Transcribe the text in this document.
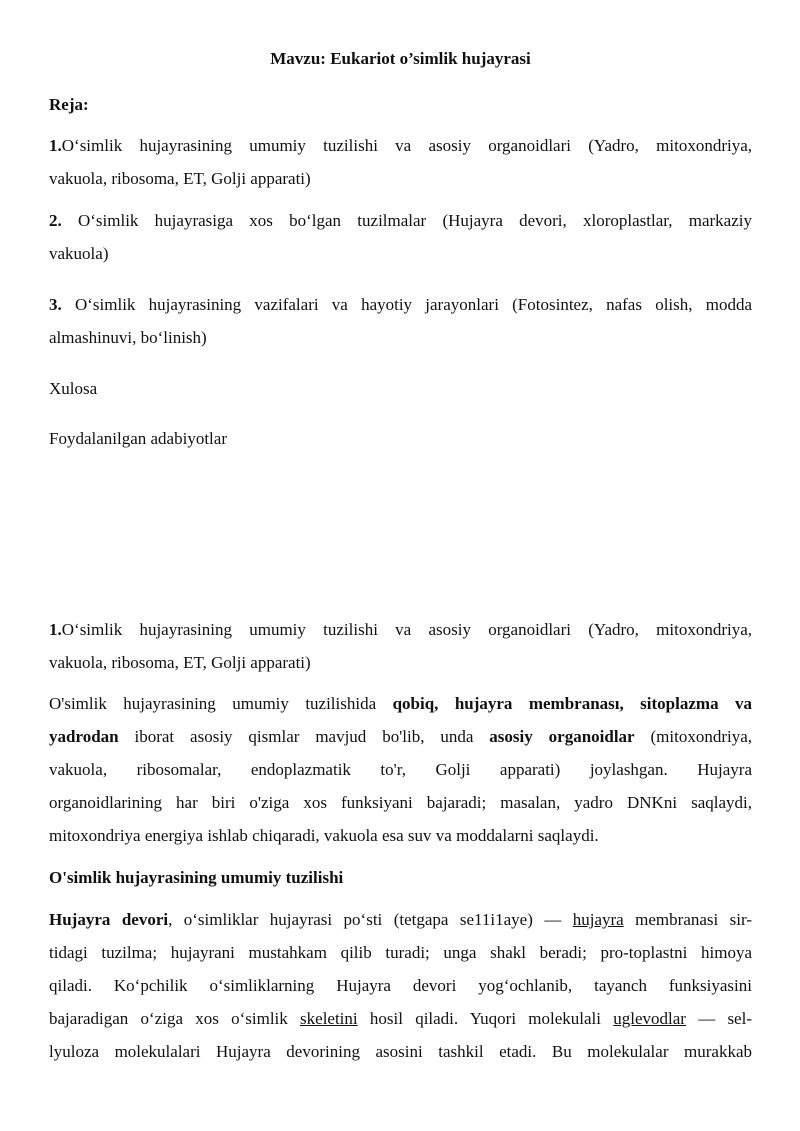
Mavzu: Eukariot o’simlik hujayrasi
Reja:
1.O‘simlik hujayrasining umumiy tuzilishi va asosiy organoidlari (Yadro, mitoxondriya,
vakuola, ribosoma, ET, Golji apparati)
2. O‘simlik hujayrasiga xos bo‘lgan tuzilmalar (Hujayra devori, xloroplastlar, markaziy
vakuola)
3. O‘simlik hujayrasining vazifalari va hayotiy jarayonlari (Fotosintez, nafas olish, modda
almashinuvi, bo‘linish)
Xulosa
Foydalanilgan adabiyotlar
1.O‘simlik hujayrasining umumiy tuzilishi va asosiy organoidlari (Yadro, mitoxondriya,
vakuola, ribosoma, ET, Golji apparati)
O'simlik hujayrasining umumiy tuzilishida qobiq, hujayra membranası, sitoplazma va
yadrodan iborat asosiy qismlar mavjud bo'lib, unda asosiy organoidlar (mitoxondriya,
vakuola, ribosomalar, endoplazmatik to'r, Golji apparati) joylashgan. Hujayra
organoidlarining har biri o'ziga xos funksiyani bajaradi; masalan, yadro DNKni saqlaydi,
mitoxondriya energiya ishlab chiqaradi, vakuola esa suv va moddalarni saqlaydi.
O'simlik hujayrasining umumiy tuzilishi
Hujayra devori, o‘simliklar hujayrasi po‘sti (tetgapa se11i1aye) — hujayra membranasi sir-
tidagi tuzilma; hujayrani mustahkam qilib turadi; unga shakl beradi; pro-toplastni himoya
qiladi. Ko‘pchilik o‘simliklarning Hujayra devori yog‘ochlanib, tayanch funksiyasini
bajaradigan o‘ziga xos o‘simlik skeletini hosil qiladi. Yuqori molekulali uglevodlar — sel-
lyuloza molekulalari Hujayra devorining asosini tashkil etadi. Bu molekulalar murakkab
